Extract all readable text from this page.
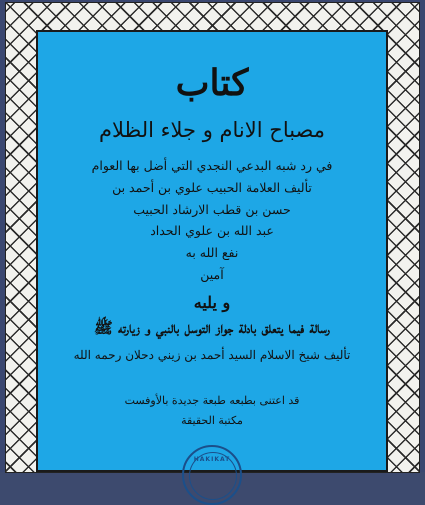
كتاب
مصباح الانام و جلاء الظلام
في رد شبه البدعي النجدي التي أضل بها العوام
تأليف العلامة الحبيب علوي بن أحمد بن
حسن بن قطب الارشاد الحبيب
عبد الله بن علوي الحداد
نفع الله به
آمين
و يليه
رسالة فيما يتعلق بادلة جواز التوسل بالنبي و زيارته ﷺ
تأليف شيخ الاسلام السيد أحمد بن زيني دحلان رحمه الله
قد اعتنى بطبعه طبعة جديدة بالأوفست
مكتبة الحقيقة
HAKIKAT
